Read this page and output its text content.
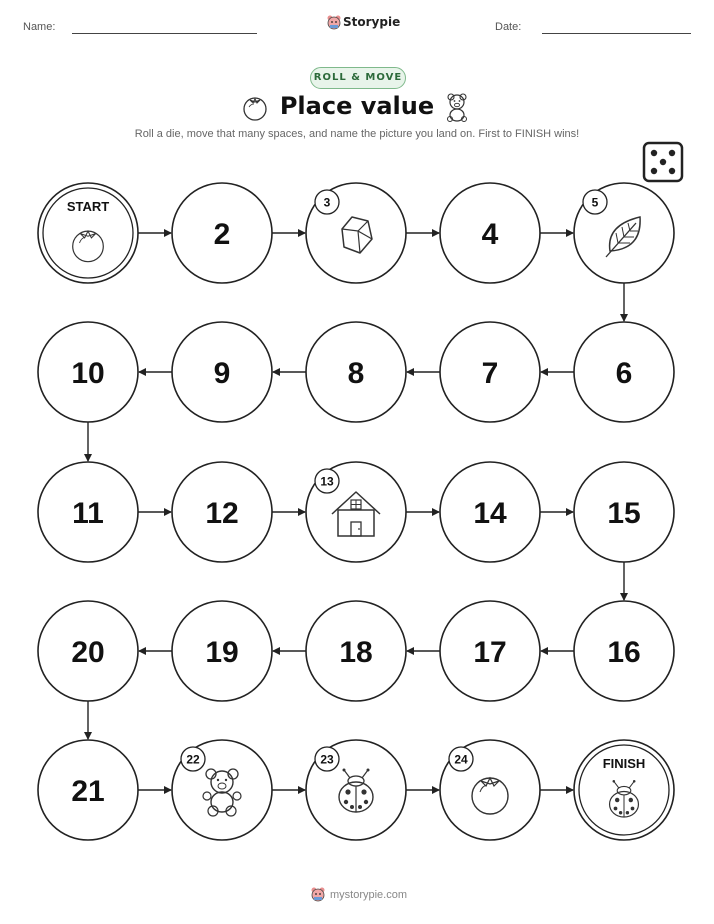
Name:	Storypie	Date:
ROLL & MOVE
Place value
Roll a die, move that many spaces, and name the picture you land on. First to FINISH wins!
START
2
3
4
5
6
7
8
9
10
11	12
13
14	15
16
17
18
19
20
21
22	23	24	FINISH
mystorypie.com
